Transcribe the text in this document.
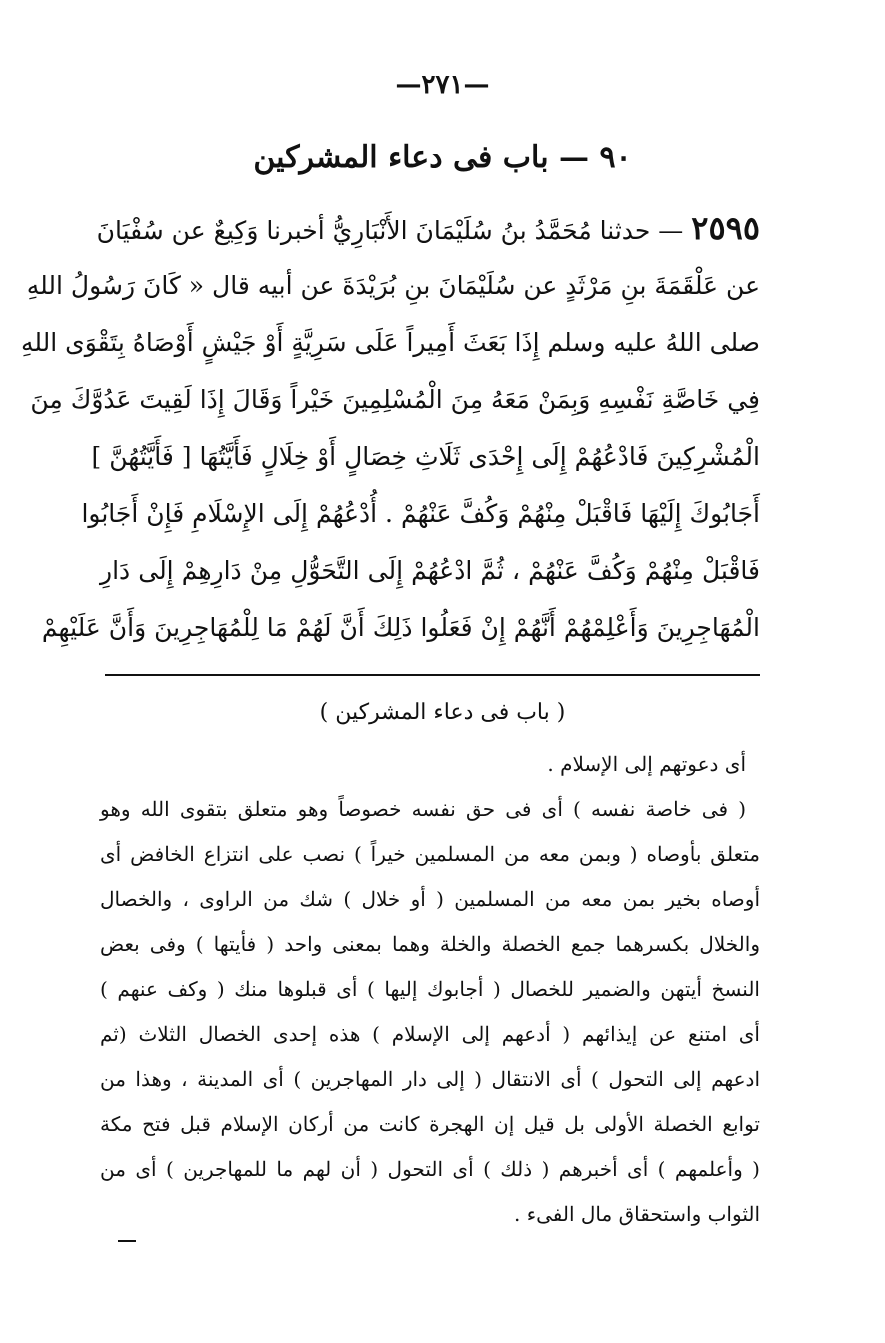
—٢٧١—
٩٠ — باب فى دعاء المشركين
٢٥٩٥ — حدثنا مُحَمَّدُ بنُ سُلَيْمَانَ الأَنْبَارِيُّ أخبرنا وَكِيعٌ عن سُفْيَانَ
عن عَلْقَمَةَ بنِ مَرْثَدٍ عن سُلَيْمَانَ بنِ بُرَيْدَةَ عن أبيه قال « كَانَ رَسُولُ اللهِ
صلى اللهُ عليه وسلم إِذَا بَعَثَ أَمِيراً عَلَى سَرِيَّةٍ أَوْ جَيْشٍ أَوْصَاهُ بِتَقْوَى اللهِ
فِي خَاصَّةِ نَفْسِهِ وَبِمَنْ مَعَهُ مِنَ الْمُسْلِمِينَ خَيْراً وَقَالَ إِذَا لَقِيتَ عَدُوَّكَ مِنَ
الْمُشْرِكِينَ فَادْعُهُمْ إِلَى إِحْدَى ثَلَاثِ خِصَالٍ أَوْ خِلَالٍ فَأَيَّتُهَا [ فَأَيَّتُهُنَّ ]
أَجَابُوكَ إِلَيْهَا فَاقْبَلْ مِنْهُمْ وَكُفَّ عَنْهُمْ . أُدْعُهُمْ إِلَى الإِسْلَامِ فَإِنْ أَجَابُوا
فَاقْبَلْ مِنْهُمْ وَكُفَّ عَنْهُمْ ، ثُمَّ ادْعُهُمْ إِلَى التَّحَوُّلِ مِنْ دَارِهِمْ إِلَى دَارِ
الْمُهَاجِرِينَ وَأَعْلِمْهُمْ أَنَّهُمْ إِنْ فَعَلُوا ذَلِكَ أَنَّ لَهُمْ مَا لِلْمُهَاجِرِينَ وَأَنَّ عَلَيْهِمْ
( باب فى دعاء المشركين )
أى دعوتهم إلى الإسلام .
( فى خاصة نفسه ) أى فى حق نفسه خصوصاً وهو متعلق بتقوى الله وهو
متعلق بأوصاه ( وبمن معه من المسلمين خيراً ) نصب على انتزاع الخافض أى
أوصاه بخير بمن معه من المسلمين ( أو خلال ) شك من الراوى ، والخصال
والخلال بكسرهما جمع الخصلة والخلة وهما بمعنى واحد ( فأيتها ) وفى بعض
النسخ أيتهن والضمير للخصال ( أجابوك إليها ) أى قبلوها منك ( وكف عنهم )
أى امتنع عن إيذائهم ( أدعهم إلى الإسلام ) هذه إحدى الخصال الثلاث (ثم
ادعهم إلى التحول ) أى الانتقال ( إلى دار المهاجرين ) أى المدينة ، وهذا من
توابع الخصلة الأولى بل قيل إن الهجرة كانت من أركان الإسلام قبل فتح مكة
( وأعلمهم ) أى أخبرهم ( ذلك ) أى التحول ( أن لهم ما للمهاجرين ) أى من
الثواب واستحقاق مال الفىء .
